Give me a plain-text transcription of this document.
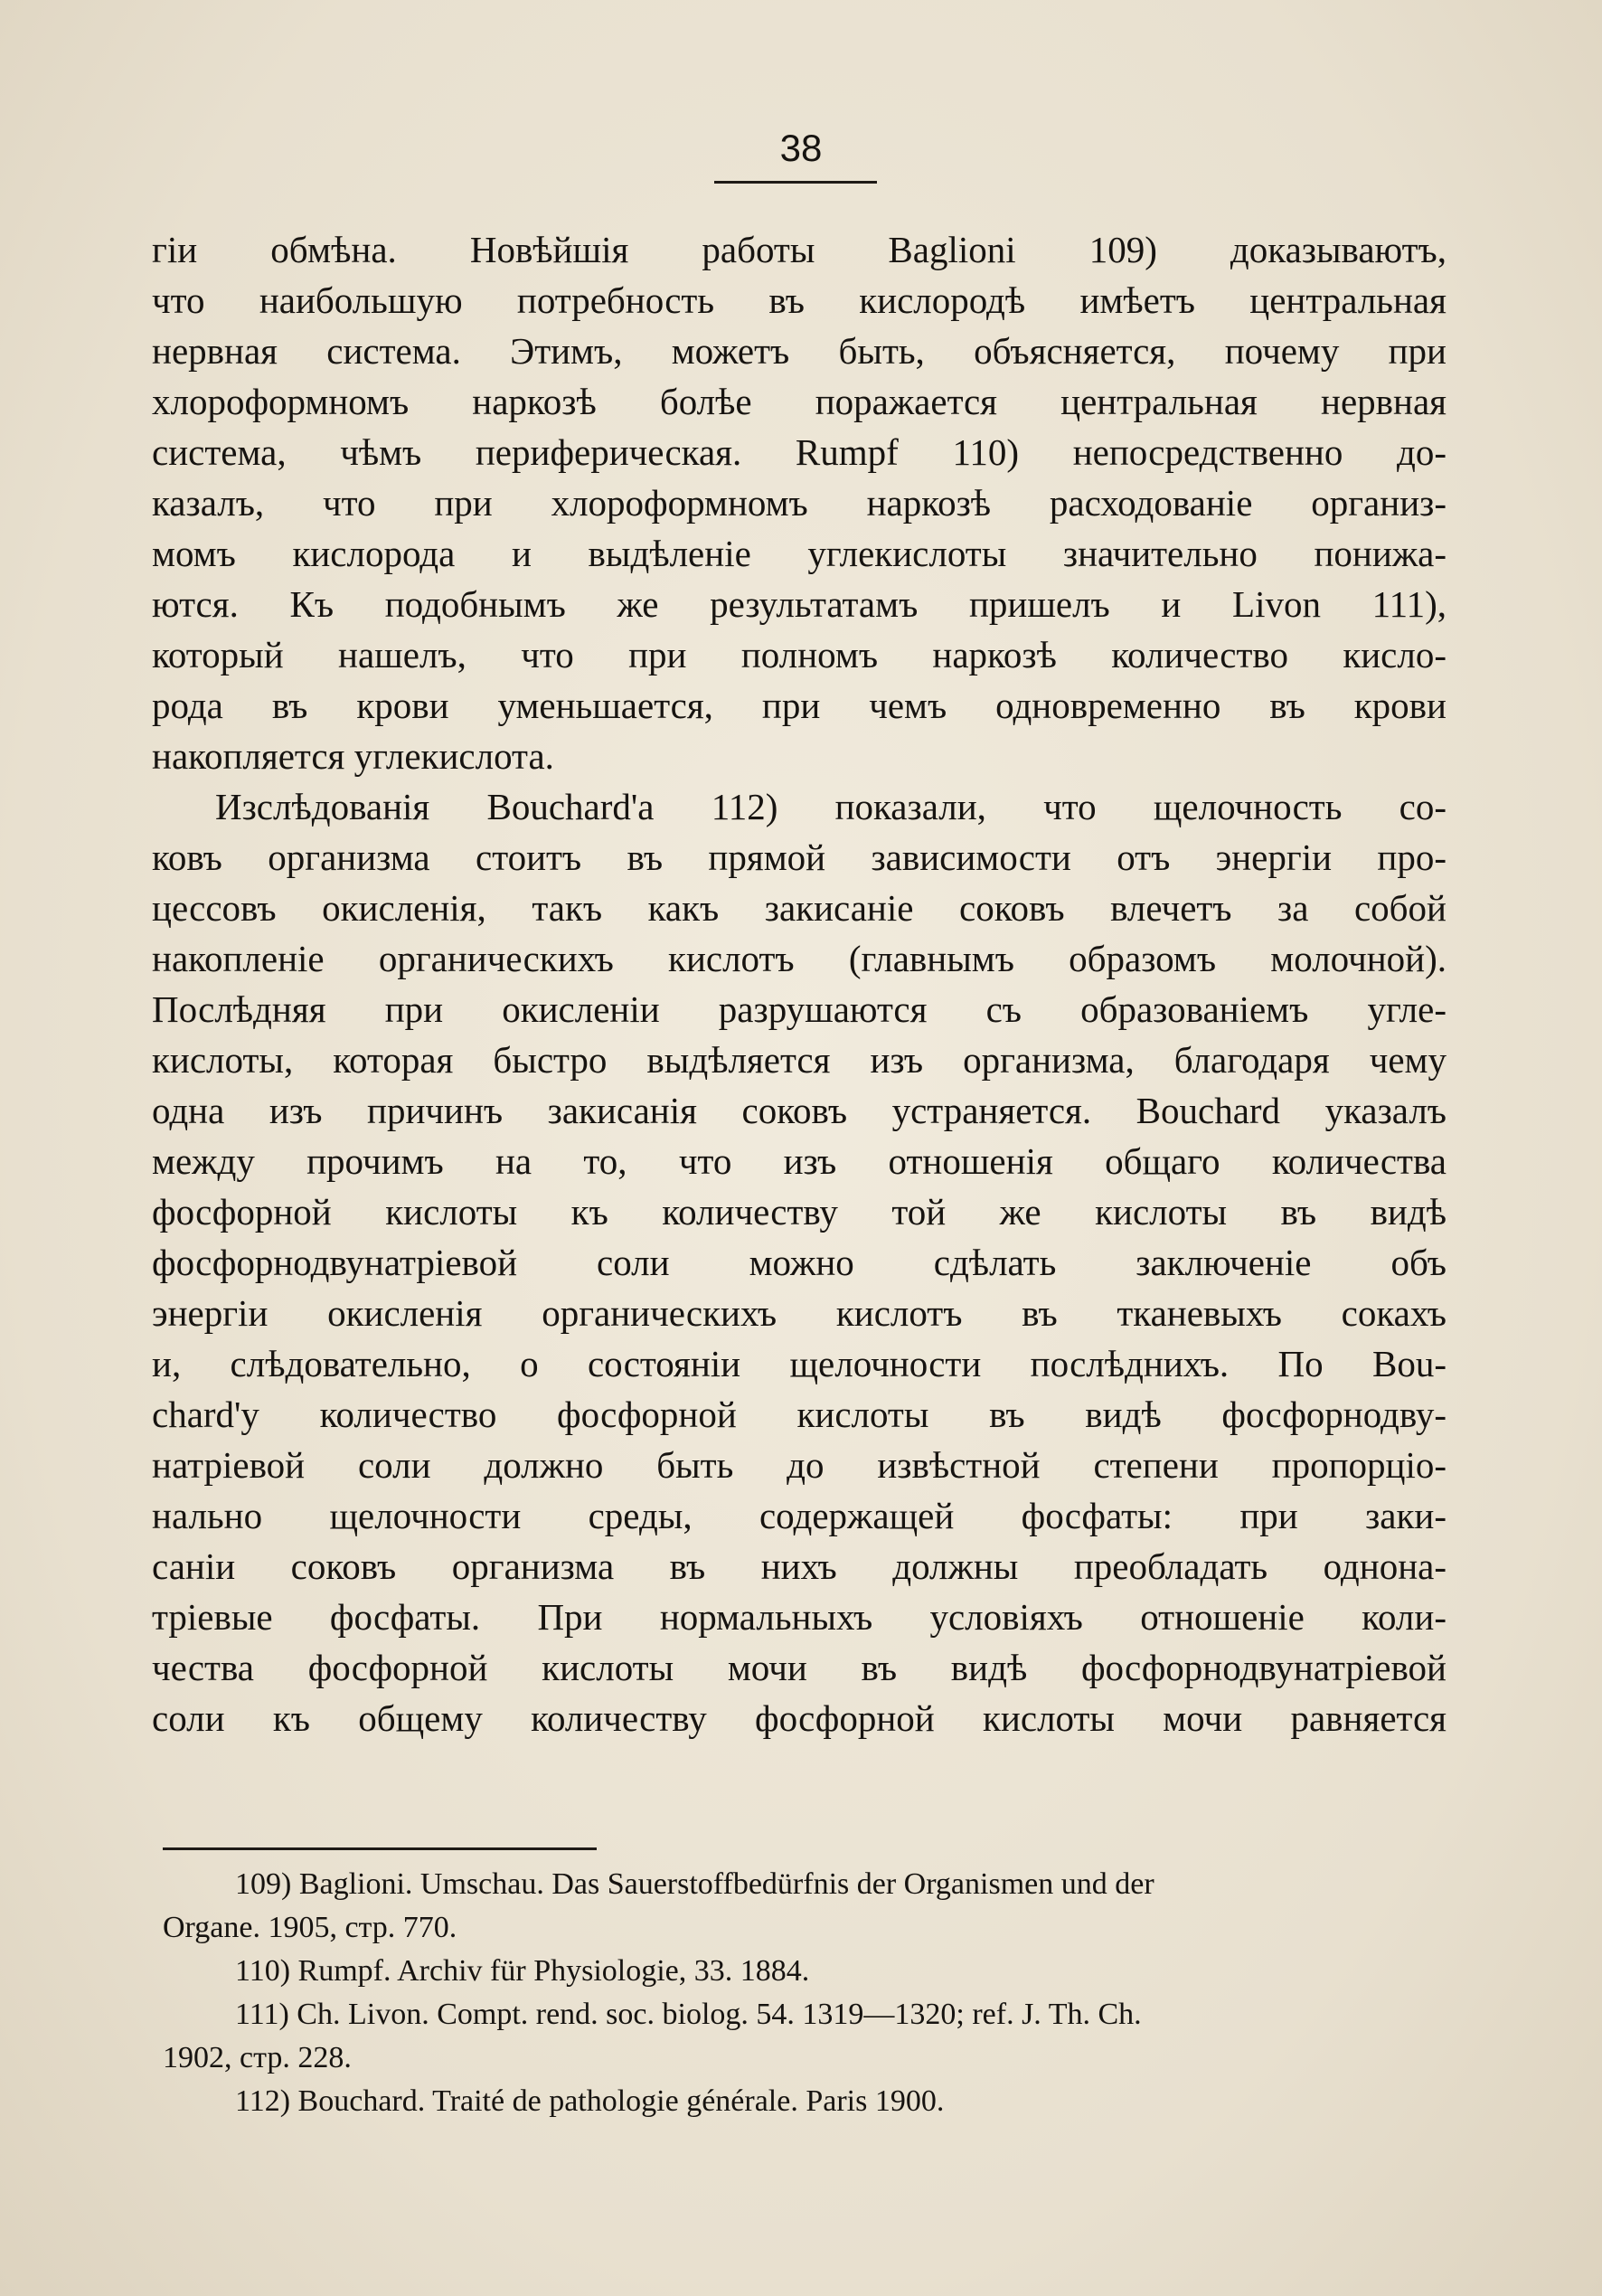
38
гіи обмѣна. Новѣйшія работы Baglioni 109) доказываютъ,
что наибольшую потребность въ кислородѣ имѣетъ центральная
нервная система. Этимъ, можетъ быть, объясняется, почему при
хлороформномъ наркозѣ болѣе поражается центральная нервная
система, чѣмъ периферическая. Rumpf 110) непосредственно до-
казалъ, что при хлороформномъ наркозѣ расходованіе организ-
момъ кислорода и выдѣленіе углекислоты значительно понижа-
ются. Къ подобнымъ же результатамъ пришелъ и Livon 111),
который нашелъ, что при полномъ наркозѣ количество кисло-
рода въ крови уменьшается, при чемъ одновременно въ крови
накопляется углекислота.
Изслѣдованія Bouchard'a 112) показали, что щелочность со-
ковъ организма стоитъ въ прямой зависимости отъ энергіи про-
цессовъ окисленія, такъ какъ закисаніе соковъ влечетъ за собой
накопленіе органическихъ кислотъ (главнымъ образомъ молочной).
Послѣдняя при окисленіи разрушаются съ образованіемъ угле-
кислоты, которая быстро выдѣляется изъ организма, благодаря чему
одна изъ причинъ закисанія соковъ устраняется. Bouchard указалъ
между прочимъ на то, что изъ отношенія общаго количества
фосфорной кислоты къ количеству той же кислоты въ видѣ
фосфорнодвунатріевой соли можно сдѣлать заключеніе объ
энергіи окисленія органическихъ кислотъ въ тканевыхъ сокахъ
и, слѣдовательно, о состояніи щелочности послѣднихъ. По Bou-
chard'у количество фосфорной кислоты въ видѣ фосфорнодву-
натріевой соли должно быть до извѣстной степени пропорціо-
нально щелочности среды, содержащей фосфаты: при заки-
саніи соковъ организма въ нихъ должны преобладать однона-
тріевые фосфаты. При нормальныхъ условіяхъ отношеніе коли-
чества фосфорной кислоты мочи въ видѣ фосфорнодвунатріевой
соли къ общему количеству фосфорной кислоты мочи равняется
109) Baglioni. Umschau. Das Sauerstoffbedürfnis der Organismen und der
Organe. 1905, стр. 770.
110) Rumpf. Archiv für Physiologie, 33. 1884.
111) Ch. Livon. Compt. rend. soc. biolog. 54. 1319—1320; ref. J. Th. Ch.
1902, стр. 228.
112) Bouchard. Traité de pathologie générale. Paris 1900.
